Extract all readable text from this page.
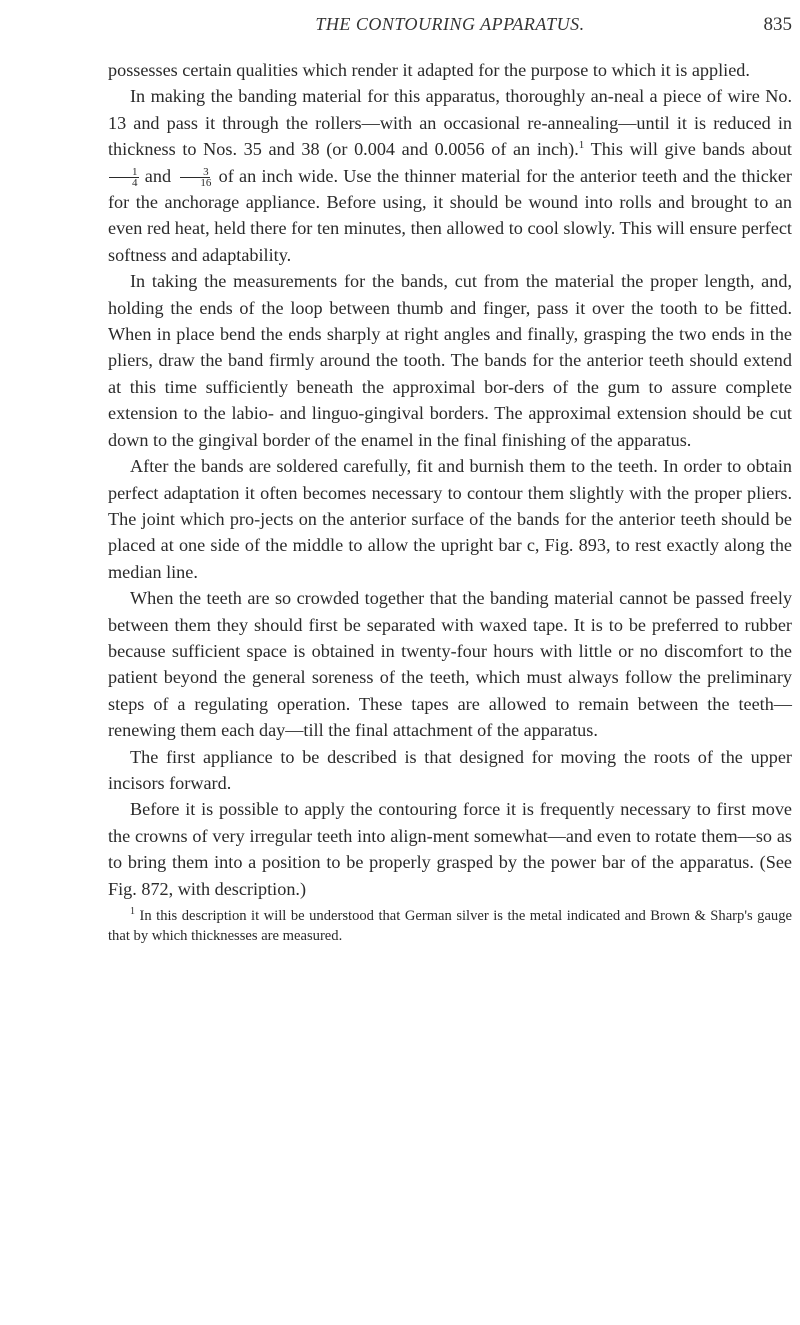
THE CONTOURING APPARATUS.	835

possesses certain qualities which render it adapted for the purpose to which it is applied.

In making the banding material for this apparatus, thoroughly an-neal a piece of wire No. 13 and pass it through the rollers—with an occasional re-annealing—until it is reduced in thickness to Nos. 35 and 38 (or 0.004 and 0.0056 of an inch).$^1$ This will give bands about
$\frac{1}{4}$ and $\frac{3}{16}$ of an inch wide. Use the thinner material for the anterior teeth and the thicker for the anchorage appliance. Before using, it should be wound into rolls and brought to an even red heat, held there for ten minutes, then allowed to cool slowly. This will ensure perfect softness and adaptability.

In taking the measurements for the bands, cut from the material the proper length, and, holding the ends of the loop between thumb and finger, pass it over the tooth to be fitted. When in place bend the ends sharply at right angles and finally, grasping the two ends in the pliers, draw the band firmly around the tooth. The bands for the anterior teeth should extend at this time sufficiently beneath the approximal bor-ders of the gum to assure complete extension to the labio- and linguo-gingival borders. The approximal extension should be cut down to the gingival border of the enamel in the final finishing of the apparatus.

After the bands are soldered carefully, fit and burnish them to the teeth. In order to obtain perfect adaptation it often becomes necessary to contour them slightly with the proper pliers. The joint which pro-jects on the anterior surface of the bands for the anterior teeth should be placed at one side of the middle to allow the upright bar c, Fig. 893, to rest exactly along the median line.

When the teeth are so crowded together that the banding material cannot be passed freely between them they should first be separated with waxed tape. It is to be preferred to rubber because sufficient space is obtained in twenty-four hours with little or no discomfort to the patient beyond the general soreness of the teeth, which must always follow the preliminary steps of a regulating operation. These tapes are allowed to remain between the teeth—renewing them each day—till the final attachment of the apparatus.

The first appliance to be described is that designed for moving the roots of the upper incisors forward.

Before it is possible to apply the contouring force it is frequently necessary to first move the crowns of very irregular teeth into align-ment somewhat—and even to rotate them—so as to bring them into a position to be properly grasped by the power bar of the apparatus. (See Fig. 872, with description.)

$^1$ In this description it will be understood that German silver is the metal indicated and Brown & Sharp's gauge that by which thicknesses are measured.
